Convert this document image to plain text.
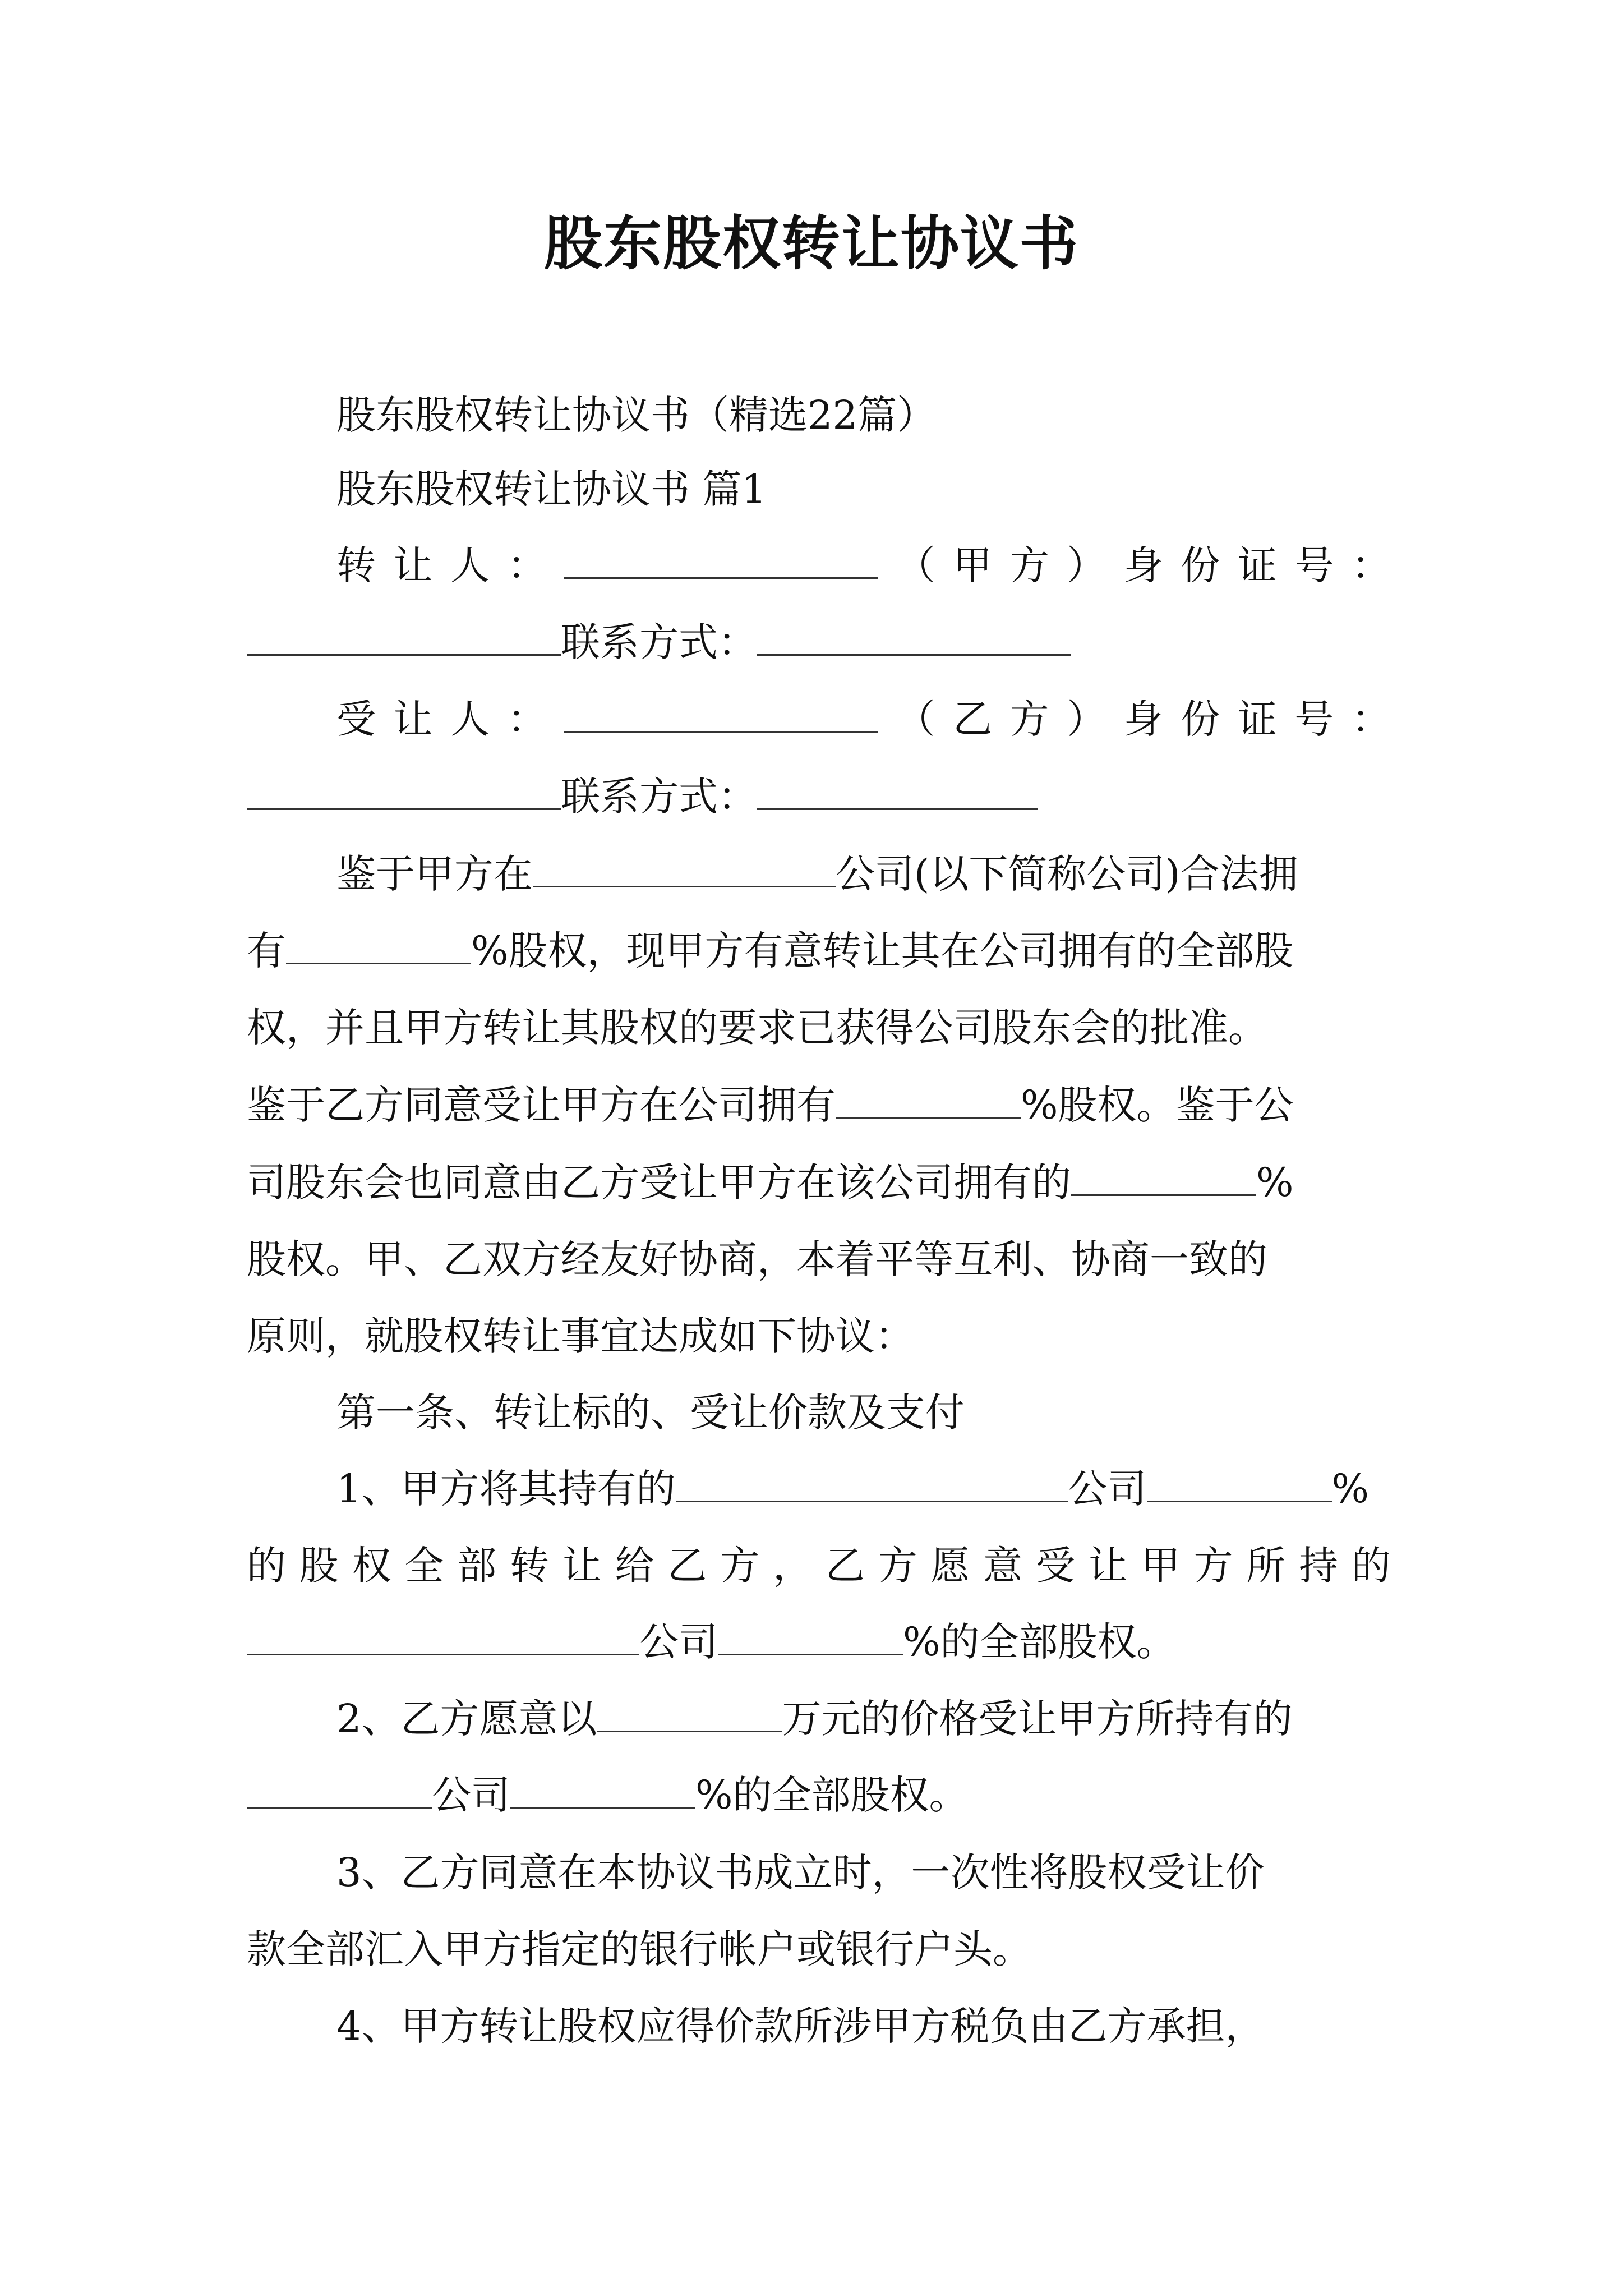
股东股权转让协议书
股东股权转让协议书（精选22篇）
股东股权转让协议书 篇1
转 让 人 ：	（ 甲 方 ） 身 份 证 号 ：
联系方式：
受 让 人 ：	（ 乙 方 ） 身 份 证 号 ：
联系方式：
鉴于甲方在	公司(以下简称公司)合法拥
有	%股权，现甲方有意转让其在公司拥有的全部股
权，并且甲方转让其股权的要求已获得公司股东会的批准。
鉴于乙方同意受让甲方在公司拥有	%股权。鉴于公
司股东会也同意由乙方受让甲方在该公司拥有的	%
股权。甲、乙双方经友好协商，本着平等互利、协商一致的
原则，就股权转让事宜达成如下协议：
第一条、转让标的、受让价款及支付
1、甲方将其持有的	公司	%
的 股 权 全 部 转 让 给 乙 方 ， 乙 方 愿 意 受 让 甲 方 所 持 的
公司	%的全部股权。
2、乙方愿意以	万元的价格受让甲方所持有的
公司	%的全部股权。
3、乙方同意在本协议书成立时，一次性将股权受让价
款全部汇入甲方指定的银行帐户或银行户头。
4、甲方转让股权应得价款所涉甲方税负由乙方承担，
